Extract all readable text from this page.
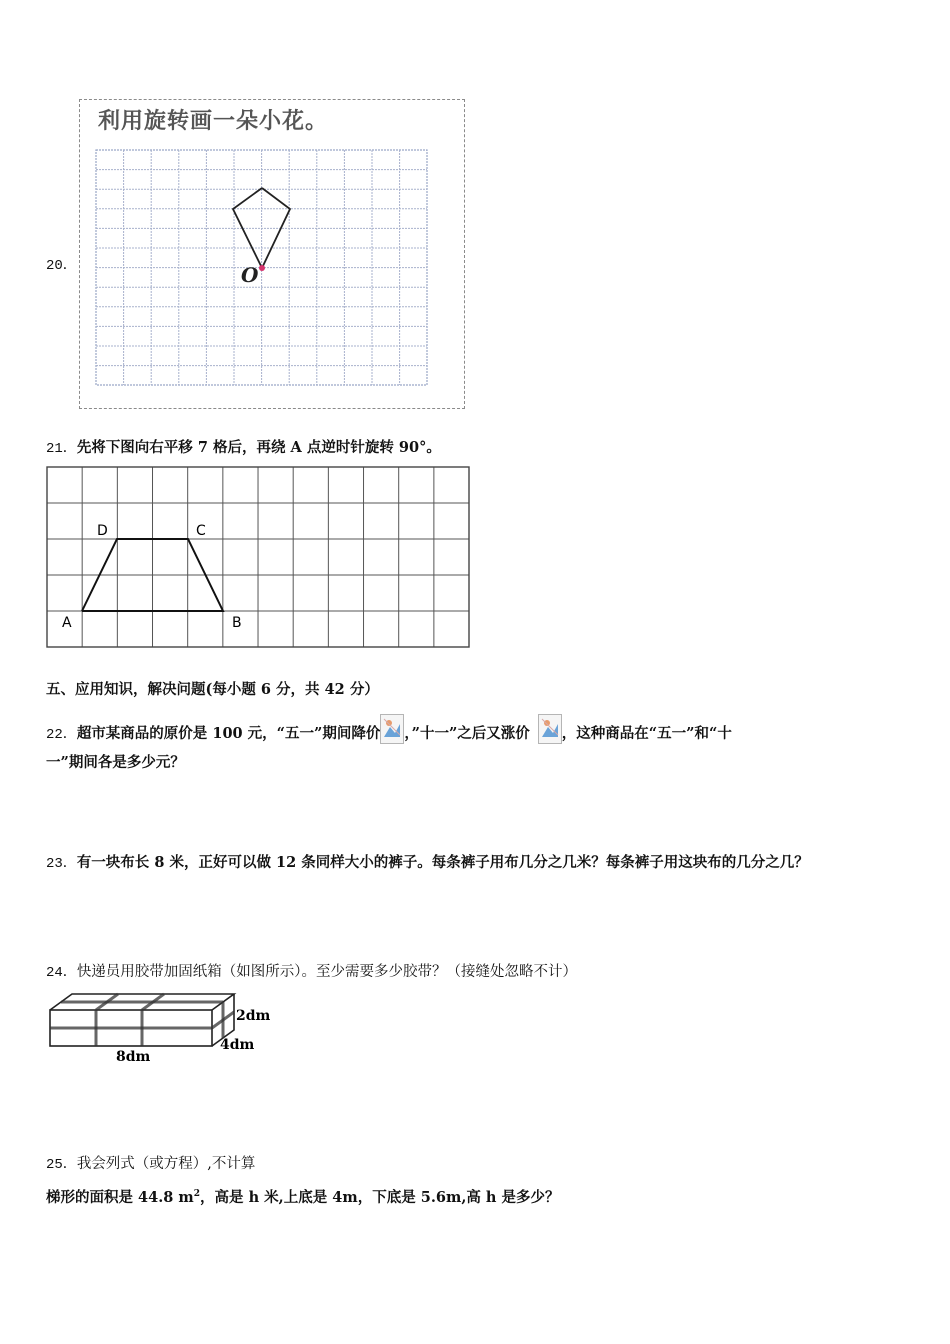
20．
利用旋转画一朵小花。
O
21．先将下图向右平移 7 格后，再绕 A 点逆时针旋转 90°。
D	C
A	B
五、应用知识，解决问题(每小题 6 分，共 42 分）
22．超市某商品的原价是 100 元，“五一”期间降价 ，”十一”之后又涨价 ，这种商品在“五一”和“十
一”期间各是多少元？
23．有一块布长 8 米，正好可以做 12 条同样大小的裤子。每条裤子用布几分之几米？每条裤子用这块布的几分之几？
24．快递员用胶带加固纸箱（如图所示）。至少需要多少胶带？（接缝处忽略不计）
8dm
2dm
4dm
25．我会列式（或方程）,不计算
梯形的面积是 44.8 $m^2$，高是 h 米,上底是 4m，下底是 5.6m,高 h 是多少？
